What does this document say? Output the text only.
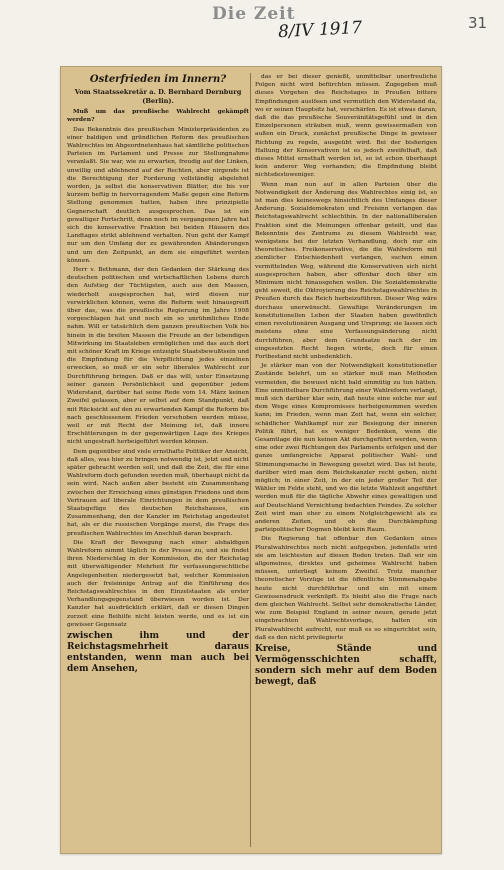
Die Zeit
8/IV 1917	31
Osterfrieden im Innern?
Vom Staatssekretär a. D. Bernhard Dernburg (Berlin).

Muß um das preußische Wahlrecht gekämpft werden?

Das Bekenntnis des preußischen Ministerpräsidenten zu einer baldigen und gründlichen Reform des preußischen Wahlrechtes im Abgeordnetenhaus hat sämtliche politischen Parteien im Parlament und Presse zur Stellungnahme veranlaßt. Sie war, wie zu erwarten, freudig auf der Linken, unwillig und ablehnend auf der Rechten, aber nirgends ist die Berechtigung der Forderung vollständig abgelehnt worden, ja selbst die konservativen Blätter, die bis vor kurzem heftig in hervorragendem Maße gegen eine Reform Stellung genommen hatten, haben ihre prinzipielle Gegnerschaft deutlich ausgesprochen. Das ist ein gewaltiger Fortschritt, denn noch im vergangenen Jahre hat sich die konservative Fraktion bei beiden Häusern des Landtages strikt ablehnend verhalten. Nun geht der Kampf nur um den Umfang der zu gewährenden Abänderungen und um den Zeitpunkt, an dem sie eingeführt werden können.

Herr v. Bethmann, der den Gedanken der Stärkung des deutschen politischen und wirtschaftlichen Lebens durch den Aufstieg der Tüchtigsten, auch aus den Massen, wiederholt ausgesprochen hat, wird diesen nur verwirklichen können, wenn die Reform weit hinausgreift über das, was die preußische Regierung im Jahre 1908 vorgeschlagen hat und noch ein so unrühmliches Ende nahm. Will er tatsächlich dem ganzen preußischen Volk bis hinein in die breiten Massen die Freude an der lebendigen Mitwirkung im Staatsleben ermöglichen und das auch dort mit schöner Kraft im Kriege entzeigte Staatsbewußtsein und die Empfindung für die Verpflichtung jedes einzelnen erwecken, so muß er ein sehr liberales Wahlrecht zur Durchführung bringen. Daß er das will, unter Einsetzung seiner ganzen Persönlichkeit und gegenüber jedem Widerstand, darüber hat seine Rede vom 14. März keinen Zweifel gelassen, aber er selbst auf dem Standpunkt, daß mit Rücksicht auf den zu erwartenden Kampf die Reform bis nach geschlossenem Frieden verschoben werden müsse, weil er mit Recht der Meinung ist, daß innere Erschütterungen in der gegenwärtigen Lage des Krieges nicht ungestraft herbeigeführt werden können.

Dem gegenüber sind viele ernsthafte Politiker der Ansicht, daß alles, was hier zu bringen notwendig ist, jetzt und nicht später gebracht werden soll, und daß die Zeit, die für eine Wahlreform doch gefunden werden muß, überhaupt nicht da sein wird. Nach außen aber besteht ein Zusammenhang zwischen der Erreichung eines günstigen Friedens und dem Vertrauen auf liberale Einrichtungen in dem preußischen Staatsgefüge des deutschen Reichshauses, ein Zusammenhang, den der Kanzler im Reichstag angedeutet hat, als er die russischen Vorgänge zuerst, die Frage des preußischen Wahlrechtes im Anschluß daran besprach.

Die Kraft der Bewegung nach einer alsbaldigen Wahlreform nimmt täglich in der Presse zu, und sie findet ihren Niederschlag in der Kommission, die der Reichstag mit überwältigender Mehrheit für verfassungsrechtliche Angelegenheiten niedergesetzt hat, welcher Kommission auch der freisinnige Antrag auf die Einführung des Reichstagswahlrechtes in den Einzelstaaten als erster Verhandlungsgegenstand überwiesen worden ist. Der Kanzler hat ausdrücklich erklärt, daß er diesen Dingen zurzeit eine Beihilfe nicht leisten werde, und es ist ein gewisser Gegensatz

zwischen ihm und der Reichstagsmehrheit daraus entstanden, wenn man auch bei dem Ansehen,

das er bei dieser genießt, unmittelbar unerfreuliche Folgen nicht wird befürchten müssen. Zugegeben muß dieses Vorgehen des Reichstages in Preußen bittere Empfindungen auslösen und vermutlich den Widerstand da, wo er seinen Hauptsitz hat, verschärfen. Es ist etwas daran, daß die das preußische Souveränitätsgefühl und in den Einzelpersonen sträuben muß, wenn gewissermaßen von außen ein Druck, zunächst preußische Dinge in gewisser Richtung zu regeln, ausgeübt wird. Bei der bisherigen Haltung der Konservativen ist es jedoch zweifelhaft, daß dieses Mittel ernsthaft werden ist, so ist schon überhaupt kein anderer Weg vorhanden; die Empfindung bleibt nichtsdestoweniger.

Wenn man nun auf in allen Parteien über die Notwendigkeit der Änderung des Wahlrechtes einig ist, so ist man dies keineswegs hinsichtlich des Umfanges dieser Änderung. Sozialdemokraten und Freisinn verlangen das Reichstagswahlrecht schlechthin. In der nationalliberalen Fraktion sind die Meinungen offenbar geteilt, und das Bekenntnis des Zentrums zu diesem Wahlrecht war, wenigstens bei der letzten Verhandlung, doch nur ein theoretisches. Freikonservative, die die Wahlreform mit ziemlicher Entschiedenheit verlangen, suchen einen vermittelnden Weg, während die Konservativen sich nicht ausgesprochen haben, aber offenbar doch über ein Minimum nicht hinausgehen wollen. Die Sozialdemokratie geht soweit, die Oktroyierung des Reichstagswahlrechtes in Preußen durch das Reich herbeizuführen. Dieser Weg wäre durchaus unerwünscht. Gewaltige Veränderungen im konstitutionellen Leben der Staaten haben gewöhnlich einen revolutionären Ausgang und Ursprung; sie lassen sich meistens ohne eine Verfassungsänderung nicht durchführen, aber dem Grundsatze nach der im eingesetzten Recht liegen würde, doch für einen Fortbestand nicht unbedenklich.

Je stärker man von der Notwendigkeit konstitutioneller Zustände belehrt, um so stärker muß man Methoden vermeiden, die bewusst nicht bald einmütig zu tun hätten. Eine unmittelbare Durchführung einer Wahlreform verlangt, muß sich darüber klar sein, daß heute eine solche nur auf dem Wege eines Kompromisses herbeigenommen werden kann; im Frieden, wenn man Zeit hat, wenn ein solcher, schädlicher Wahlkampf nur zur Besiegung der inneren Politik führt, hat es weniger Bedenken, wenn die Gesamtlage die nun keinen Akt durchgeführt werden, wenn eine oder zwei Richtungen des Parlaments erfolgen und der ganze umfangreiche Apparat politischer Wahl- und Stimmungsmache in Bewegung gesetzt wird. Das ist heute, darüber wird man dem Reichskanzler recht geben, nicht möglich; in einer Zeit, in der ein jeder großer Teil der Wähler im Felde steht, und wo die letzte Wahlzeit angeführt werden muß für die tägliche Abwehr eines gewaltigen und auf Deutschland Vernichtung bedachten Feindes. Zu solcher Zeit wird man eher zu einem Notgleichgewicht als zu anderen Zeiten, und ob die Durchkämpfung parteipolitischer Dogmen bleibt kein Raum.

Die Regierung hat offenbar den Gedanken eines Pluralwahlrechtes noch nicht aufgegeben, jedenfalls wird sie am leichtesten auf diesen Boden treten. Daß wir ein allgemeines, direktes und geheimes Wahlrecht haben müssen, unterliegt keinem Zweifel. Trotz mancher theoretischer Vorzüge ist die öffentliche Stimmenabgabe heute nicht durchführbar und ein mit einem Gewissensdruck verknüpft. Es bleibt also die Frage nach dem gleichen Wahlrecht. Selbst sehr demokratische Länder, wie zum Beispiel England in seiner neuen, gerade jetzt eingebrachten Wahlrechtsvorlage, halten ein Pluralwahlrecht aufrecht, nur muß es so eingerichtet sein, daß es den nicht privilegierte

Kreise, Stände und Vermögensschichten schafft, sondern sich mehr auf dem Boden bewegt, daß
